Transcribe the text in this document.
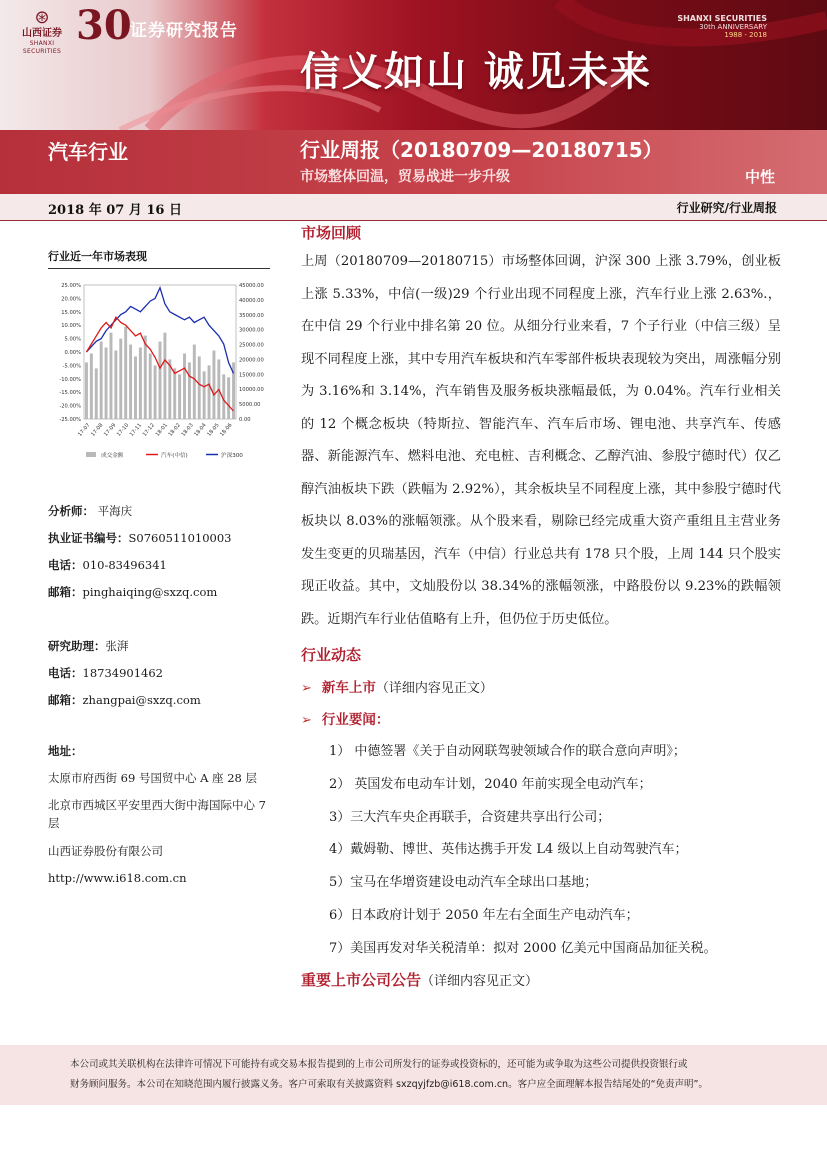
⊛
山西证券
SHANXI SECURITIES
30
证券研究报告
信义如山 诚见未来
SHANXI SECURITIES
30th ANNIVERSARY
1988 - 2018
汽车行业	行业周报（20180709—20180715）
市场整体回温，贸易战进一步升级	中性
2018 年 07 月 16 日	行业研究/行业周报
行业近一年市场表现
25.00%
20.00%
15.00%
10.00%
5.00%
0.00%
-5.00%
-10.00%
-15.00%
-20.00%
-25.00%
45000.00
40000.00
35000.00
30000.00
25000.00
20000.00
15000.00
10000.00
5000.00
0.00
17-07
17-08
17-09
17-10
17-11
17-12
18-01
18-02
18-03
18-04
18-05
18-06
成交金额	汽车(中信)	沪深300
分析师： 平海庆
执业证书编号：S0760511010003
电话：010-83496341
邮箱：pinghaiqing@sxzq.com
研究助理：张湃
电话：18734901462
邮箱：zhangpai@sxzq.com
地址：
太原市府西街 69 号国贸中心 A 座 28 层
北京市西城区平安里西大街中海国际中心 7 层
山西证券股份有限公司
http://www.i618.com.cn
市场回顾

上周（20180709—20180715）市场整体回调，沪深 300 上涨 3.79%，创业板上涨 5.33%，中信(一级)29 个行业出现不同程度上涨，汽车行业上涨 2.63%.，在中信 29 个行业中排名第 20 位。从细分行业来看，7 个子行业（中信三级）呈现不同程度上涨，其中专用汽车板块和汽车零部件板块表现较为突出，周涨幅分别为 3.16%和 3.14%，汽车销售及服务板块涨幅最低，为 0.04%。汽车行业相关的 12 个概念板块（特斯拉、智能汽车、汽车后市场、锂电池、共享汽车、传感器、新能源汽车、燃料电池、充电桩、吉利概念、乙醇汽油、参股宁德时代）仅乙醇汽油板块下跌（跌幅为 2.92%），其余板块呈不同程度上涨，其中参股宁德时代板块以 8.03%的涨幅领涨。从个股来看，剔除已经完成重大资产重组且主营业务发生变更的贝瑞基因，汽车（中信）行业总共有 178 只个股，上周 144 只个股实现正收益。其中，文灿股份以 38.34%的涨幅领涨，中路股份以 9.23%的跌幅领跌。近期汽车行业估值略有上升，但仍位于历史低位。

行业动态
➢ 新车上市（详细内容见正文）
➢ 行业要闻：
1） 中德签署《关于自动网联驾驶领域合作的联合意向声明》；
2） 英国发布电动车计划，2040 年前实现全电动汽车；
3）三大汽车央企再联手，合资建共享出行公司；
4）戴姆勒、博世、英伟达携手开发 L4 级以上自动驾驶汽车；
5）宝马在华增资建设电动汽车全球出口基地；
6）日本政府计划于 2050 年左右全面生产电动汽车；
7）美国再发对华关税清单：拟对 2000 亿美元中国商品加征关税。
重要上市公司公告（详细内容见正文）

本公司或其关联机构在法律许可情况下可能持有或交易本报告提到的上市公司所发行的证券或投资标的，还可能为或争取为这些公司提供投资银行或

财务顾问服务。本公司在知晓范围内履行披露义务。客户可索取有关披露资料 sxzqyjfzb@i618.com.cn。客户应全面理解本报告结尾处的“免责声明”。
